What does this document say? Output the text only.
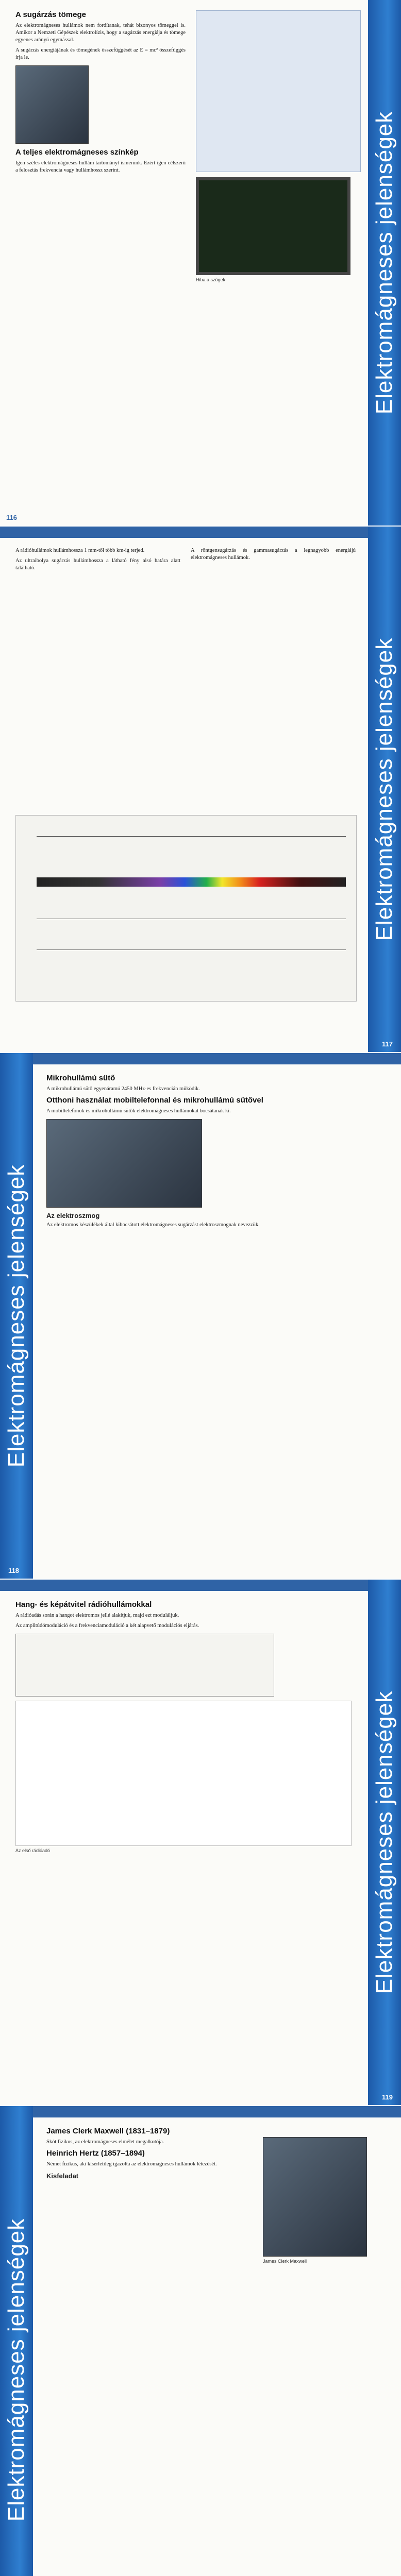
Elektromágneses jelenségek
A sugárzás tömege

Az elektromágneses hullámok nem fordítanak, tehát bizonyos tömeggel is. Amikor a Nemzeti Gépészek elektrolízis, hogy a sugárzás energiája és tömege egyenes arányú egymással.

A sugárzás energiájának és tömegének összefüggését az E = mc² összefüggés írja le.

A teljes elektromágneses színkép

Igen széles elektromágneses hullám tartományt ismerünk. Ezért igen célszerű a felosztás frekvencia vagy hullámhossz szerint.

Hiba a szögek
116
Elektromágneses jelenségek

A rádióhullámok hullámhossza 1 mm-től több km-ig terjed.

Az ultraibolya sugárzás hullámhossza a látható fény alsó határa alatt található.

A röntgensugárzás és gammasugárzás a legnagyobb energiájú elektromágneses hullámok.

117
Elektromágneses jelenségek
Mikrohullámú sütő

A mikrohullámú sütő egyenáramú 2450 MHz-es frekvencián működik.

Otthoni használat mobiltelefonnal és mikrohullámú sütővel

A mobiltelefonok és mikrohullámú sütők elektromágneses hullámokat bocsátanak ki.

Az elektroszmog

Az elektromos készülékek által kibocsátott elektromágneses sugárzást elektroszmognak nevezzük.

118
Elektromágneses jelenségek
Hang- és képátvitel rádióhullámokkal

A rádióadás során a hangot elektromos jellé alakítjuk, majd ezt moduláljuk.

Az amplitúdómoduláció és a frekvenciamoduláció a két alapvető modulációs eljárás.

Az első rádióadó
119
Elektromágneses jelenségek
James Clerk Maxwell (1831–1879)

Skót fizikus, az elektromágneses elmélet megalkotója.

Heinrich Hertz (1857–1894)

Német fizikus, aki kísérletileg igazolta az elektromágneses hullámok létezését.

Kisfeladat
James Clerk Maxwell
